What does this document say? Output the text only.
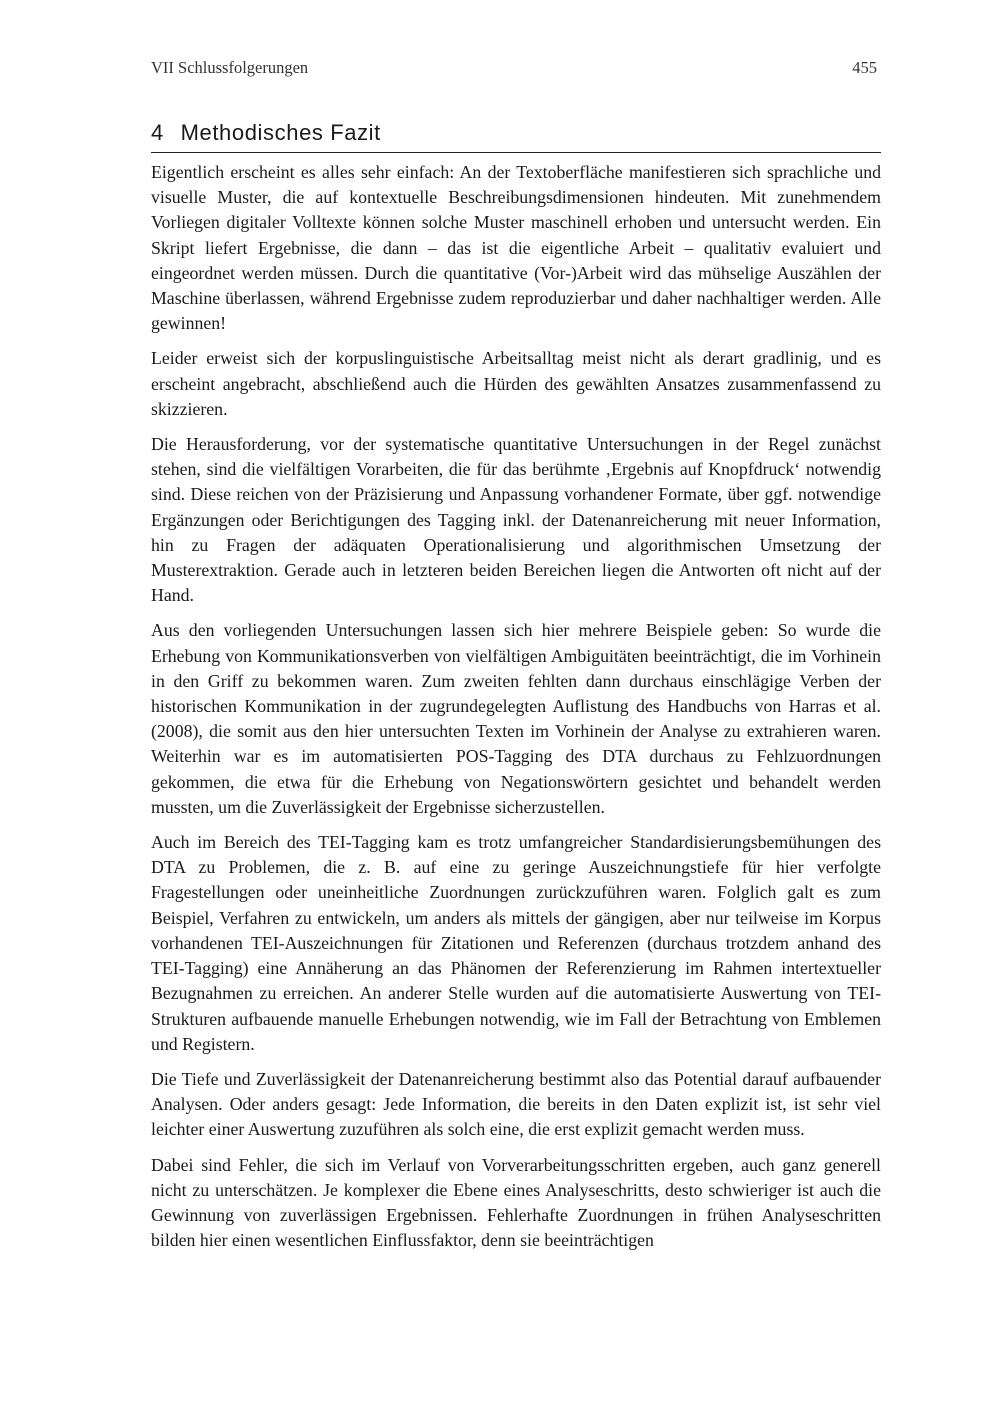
VII Schlussfolgerungen	455
4 Methodisches Fazit

Eigentlich erscheint es alles sehr einfach: An der Textoberfläche manifestieren sich sprachliche und visuelle Muster, die auf kontextuelle Beschreibungsdimensionen hindeuten. Mit zunehmendem Vorliegen digitaler Volltexte können solche Muster maschinell erhoben und untersucht werden. Ein Skript liefert Ergebnisse, die dann – das ist die eigentliche Arbeit – qualitativ evaluiert und eingeordnet werden müssen. Durch die quantitative (Vor-)Arbeit wird das mühselige Auszählen der Maschine überlassen, während Ergebnisse zudem reproduzierbar und daher nachhaltiger werden. Alle gewinnen!

Leider erweist sich der korpuslinguistische Arbeitsalltag meist nicht als derart gradlinig, und es erscheint angebracht, abschließend auch die Hürden des gewählten Ansatzes zusammenfassend zu skizzieren.

Die Herausforderung, vor der systematische quantitative Untersuchungen in der Regel zunächst stehen, sind die vielfältigen Vorarbeiten, die für das berühmte ‚Ergebnis auf Knopfdruck‘ notwendig sind. Diese reichen von der Präzisierung und Anpassung vorhandener Formate, über ggf. notwendige Ergänzungen oder Berichtigungen des Tagging inkl. der Datenanreicherung mit neuer Information, hin zu Fragen der adäquaten Operationalisierung und algorithmischen Umsetzung der Musterextraktion. Gerade auch in letzteren beiden Bereichen liegen die Antworten oft nicht auf der Hand.

Aus den vorliegenden Untersuchungen lassen sich hier mehrere Beispiele geben: So wurde die Erhebung von Kommunikationsverben von vielfältigen Ambiguitäten beeinträchtigt, die im Vorhinein in den Griff zu bekommen waren. Zum zweiten fehlten dann durchaus einschlägige Verben der historischen Kommunikation in der zugrundegelegten Auflistung des Handbuchs von Harras et al. (2008), die somit aus den hier untersuchten Texten im Vorhinein der Analyse zu extrahieren waren. Weiterhin war es im automatisierten POS-Tagging des DTA durchaus zu Fehlzuordnungen gekommen, die etwa für die Erhebung von Negationswörtern gesichtet und behandelt werden mussten, um die Zuverlässigkeit der Ergebnisse sicherzustellen.

Auch im Bereich des TEI-Tagging kam es trotz umfangreicher Standardisierungsbemühungen des DTA zu Problemen, die z. B. auf eine zu geringe Auszeichnungstiefe für hier verfolgte Fragestellungen oder uneinheitliche Zuordnungen zurückzuführen waren. Folglich galt es zum Beispiel, Verfahren zu entwickeln, um anders als mittels der gängigen, aber nur teilweise im Korpus vorhandenen TEI-Auszeichnungen für Zitationen und Referenzen (durchaus trotzdem anhand des TEI-Tagging) eine Annäherung an das Phänomen der Referenzierung im Rahmen intertextueller Bezugnahmen zu erreichen. An anderer Stelle wurden auf die automatisierte Auswertung von TEI-Strukturen aufbauende manuelle Erhebungen notwendig, wie im Fall der Betrachtung von Emblemen und Registern.

Die Tiefe und Zuverlässigkeit der Datenanreicherung bestimmt also das Potential darauf aufbauender Analysen. Oder anders gesagt: Jede Information, die bereits in den Daten explizit ist, ist sehr viel leichter einer Auswertung zuzuführen als solch eine, die erst explizit gemacht werden muss.

Dabei sind Fehler, die sich im Verlauf von Vorverarbeitungsschritten ergeben, auch ganz generell nicht zu unterschätzen. Je komplexer die Ebene eines Analyseschritts, desto schwieriger ist auch die Gewinnung von zuverlässigen Ergebnissen. Fehlerhafte Zuordnungen in frühen Analyseschritten bilden hier einen wesentlichen Einflussfaktor, denn sie beeinträchtigen
